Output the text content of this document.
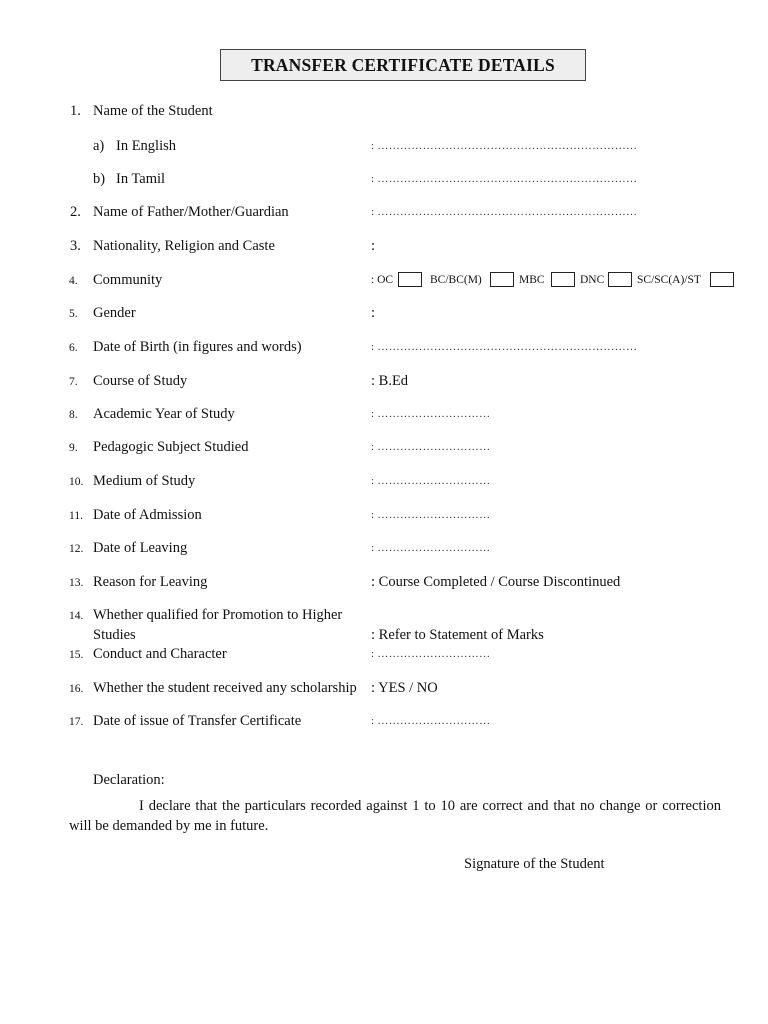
TRANSFER CERTIFICATE DETAILS
1. Name of the Student
a) In English	: ……………………………………………………………
b) In Tamil	: ……………………………………………………………
2. Name of Father/Mother/Guardian	: ……………………………………………………………
3. Nationality, Religion and Caste	:
4. Community	: OC	BC/BC(M)	MBC	DNC	SC/SC(A)/ST
5. Gender	:
6. Date of Birth (in figures and words)	: ……………………………………………………………
7. Course of Study	: B.Ed
8. Academic Year of Study	: …………………………
9. Pedagogic Subject Studied	: …………………………
10. Medium of Study	: …………………………
11. Date of Admission	: …………………………
12. Date of Leaving	: …………………………
13. Reason for Leaving	: Course Completed / Course Discontinued
14. Whether qualified for Promotion to Higher
Studies	: Refer to Statement of Marks
15. Conduct and Character	: …………………………
16. Whether the student received any scholarship : YES / NO
17. Date of issue of Transfer Certificate	: …………………………
Declaration:
I declare that the particulars recorded against 1 to 10 are correct and that no change or correction will be demanded by me in future.
Signature of the Student
